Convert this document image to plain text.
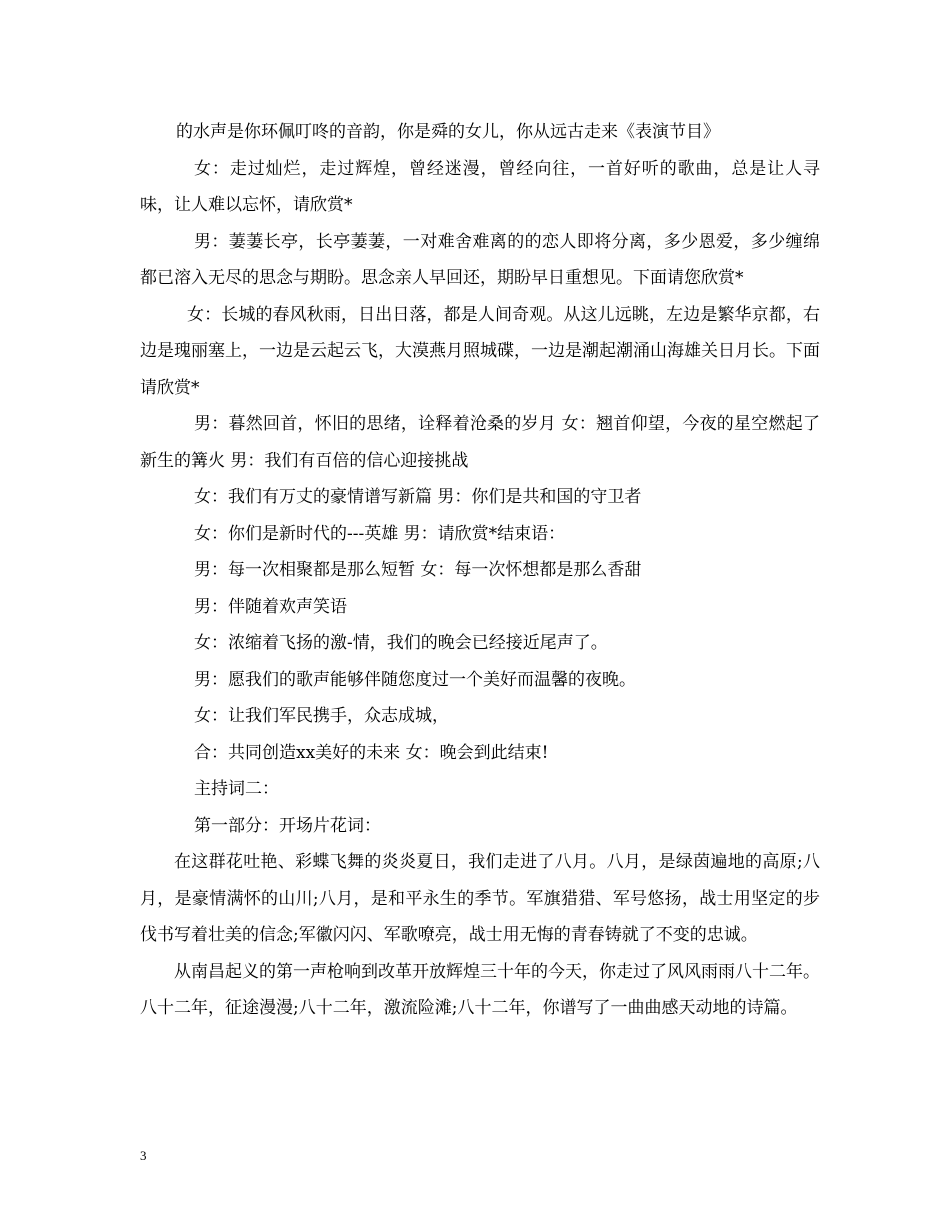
的水声是你环佩叮咚的音韵，你是舜的女儿，你从远古走来《表演节目》

女：走过灿烂，走过辉煌，曾经迷漫，曾经向往，一首好听的歌曲，总是让人寻味，让人难以忘怀，请欣赏*

男：萋萋长亭，长亭萋萋，一对难舍难离的的恋人即将分离，多少恩爱，多少缠绵都已溶入无尽的思念与期盼。思念亲人早回还，期盼早日重想见。下面请您欣赏*

女：长城的春风秋雨，日出日落，都是人间奇观。从这儿远眺，左边是繁华京都，右边是瑰丽塞上，一边是云起云飞，大漠燕月照城碟，一边是潮起潮涌山海雄关日月长。下面请欣赏*

男：暮然回首，怀旧的思绪，诠释着沧桑的岁月 女：翘首仰望，今夜的星空燃起了新生的篝火 男：我们有百倍的信心迎接挑战

女：我们有万丈的豪情谱写新篇 男：你们是共和国的守卫者

女：你们是新时代的---英雄 男：请欣赏*结束语：

男：每一次相聚都是那么短暂 女：每一次怀想都是那么香甜

男：伴随着欢声笑语

女：浓缩着飞扬的激-情，我们的晚会已经接近尾声了。

男：愿我们的歌声能够伴随您度过一个美好而温馨的夜晚。

女：让我们军民携手，众志成城，

合：共同创造xx美好的未来 女：晚会到此结束!

主持词二：

第一部分：开场片花词：

在这群花吐艳、彩蝶飞舞的炎炎夏日，我们走进了八月。八月，是绿茵遍地的高原;八月，是豪情满怀的山川;八月，是和平永生的季节。军旗猎猎、军号悠扬，战士用坚定的步伐书写着壮美的信念;军徽闪闪、军歌嘹亮，战士用无悔的青春铸就了不变的忠诚。

从南昌起义的第一声枪响到改革开放辉煌三十年的今天，你走过了风风雨雨八十二年。八十二年，征途漫漫;八十二年，激流险滩;八十二年，你谱写了一曲曲感天动地的诗篇。

3
